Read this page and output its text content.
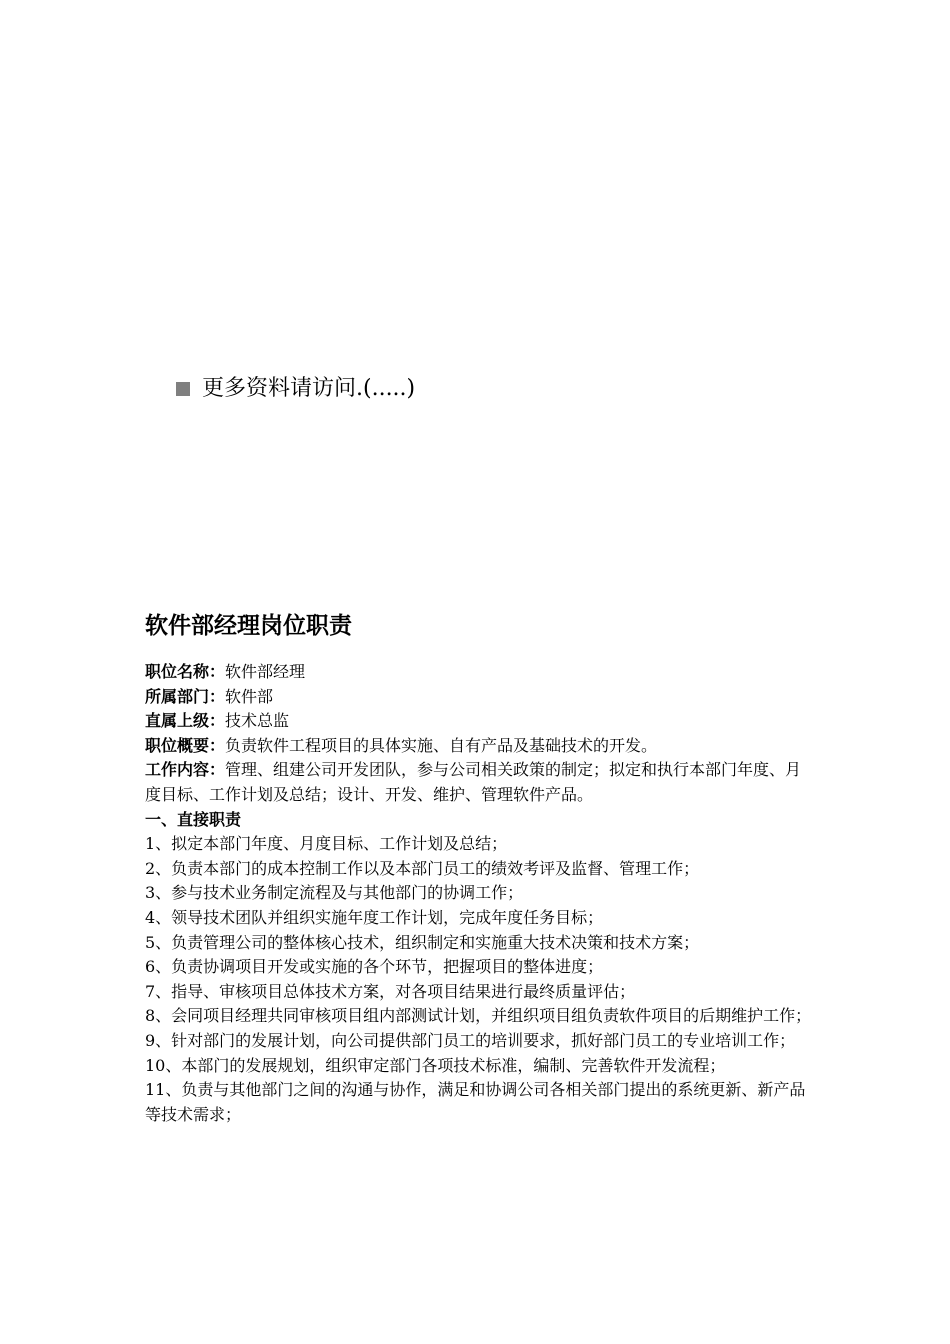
更多资料请访问.(.....)
软件部经理岗位职责

职位名称：软件部经理

所属部门：软件部

直属上级：技术总监

职位概要：负责软件工程项目的具体实施、自有产品及基础技术的开发。

工作内容：管理、组建公司开发团队，参与公司相关政策的制定；拟定和执行本部门年度、月度目标、工作计划及总结；设计、开发、维护、管理软件产品。

一、直接职责

1、拟定本部门年度、月度目标、工作计划及总结；

2、负责本部门的成本控制工作以及本部门员工的绩效考评及监督、管理工作；

3、参与技术业务制定流程及与其他部门的协调工作；

4、领导技术团队并组织实施年度工作计划，完成年度任务目标；

5、负责管理公司的整体核心技术，组织制定和实施重大技术决策和技术方案；

6、负责协调项目开发或实施的各个环节，把握项目的整体进度；

7、指导、审核项目总体技术方案，对各项目结果进行最终质量评估；

8、会同项目经理共同审核项目组内部测试计划，并组织项目组负责软件项目的后期维护工作；

9、针对部门的发展计划，向公司提供部门员工的培训要求，抓好部门员工的专业培训工作；

10、本部门的发展规划，组织审定部门各项技术标准，编制、完善软件开发流程；

11、负责与其他部门之间的沟通与协作，满足和协调公司各相关部门提出的系统更新、新产品等技术需求；
